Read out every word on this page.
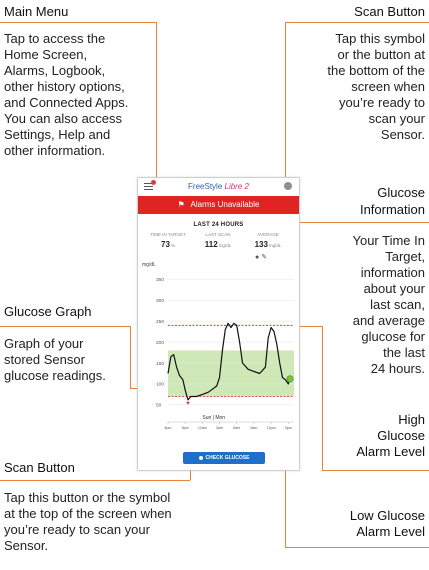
Main Menu
Tap to access the
Home Screen,
Alarms, Logbook,
other history options,
and Connected Apps.
You can also access
Settings, Help and
other information.
Scan Button
Tap this symbol
or the button at
the bottom of the
screen when
you’re ready to
scan your
Sensor.
Glucose
Information
Your Time In
Target,
information
about your
last scan,
and average
glucose for
the last
24 hours.
Glucose Graph
Graph of your
stored Sensor
glucose readings.
High
Glucose
Alarm Level
Scan Button
Tap this button or the symbol
at the top of the screen when
you’re ready to scan your
Sensor.
Low Glucose
Alarm Level
FreeStyle Libre 2
⚑ Alarms Unavailable
LAST 24 HOURS
TIME IN TARGET	LAST SCAN	AVERAGE
73%	112mg/dL	133mg/dL
● ✎
mg/dL
50
100
150
200
250
300
350
Sun | Mon
6pm	9pm	12am	3am	6am	9am	12pm	3pm
CHECK GLUCOSE
